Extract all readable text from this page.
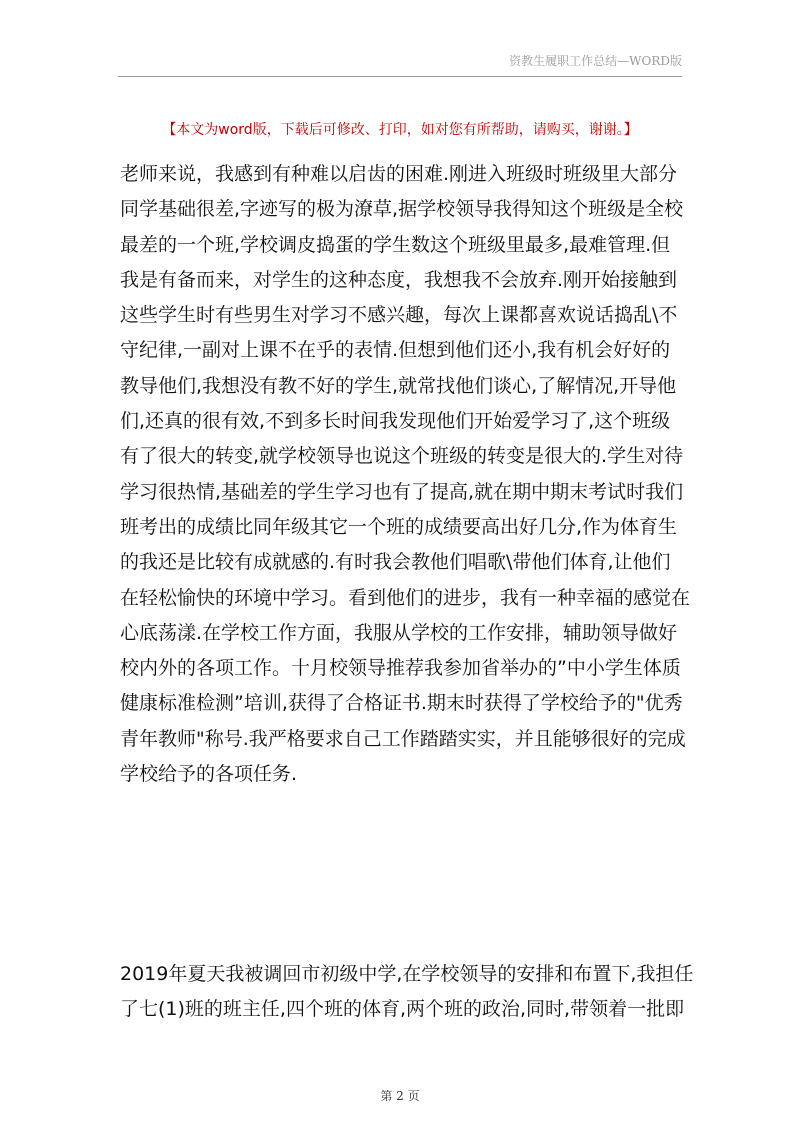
资教生履职工作总结—WORD版
【本文为word版，下载后可修改、打印，如对您有所帮助，请购买，谢谢。】

老师来说，我感到有种难以启齿的困难.刚进入班级时班级里大部分
同学基础很差,字迹写的极为潦草,据学校领导我得知这个班级是全校
最差的一个班,学校调皮捣蛋的学生数这个班级里最多,最难管理.但
我是有备而来，对学生的这种态度，我想我不会放弃.刚开始接触到
这些学生时有些男生对学习不感兴趣，每次上课都喜欢说话捣乱\不
守纪律,一副对上课不在乎的表情.但想到他们还小,我有机会好好的
教导他们,我想没有教不好的学生,就常找他们谈心,了解情况,开导他
们,还真的很有效,不到多长时间我发现他们开始爱学习了,这个班级
有了很大的转变,就学校领导也说这个班级的转变是很大的.学生对待
学习很热情,基础差的学生学习也有了提高,就在期中期末考试时我们
班考出的成绩比同年级其它一个班的成绩要高出好几分,作为体育生
的我还是比较有成就感的.有时我会教他们唱歌\带他们体育,让他们
在轻松愉快的环境中学习。看到他们的进步，我有一种幸福的感觉在
心底荡漾.在学校工作方面，我服从学校的工作安排，辅助领导做好
校内外的各项工作。十月校领导推荐我参加省举办的”中小学生体质
健康标准检测”培训,获得了合格证书.期末时获得了学校给予的"优秀
青年教师"称号.我严格要求自己工作踏踏实实，并且能够很好的完成
学校给予的各项任务.

2019年夏天我被调回市初级中学,在学校领导的安排和布置下,我担任
了七(1)班的班主任,四个班的体育,两个班的政治,同时,带领着一批即

第 2 页
